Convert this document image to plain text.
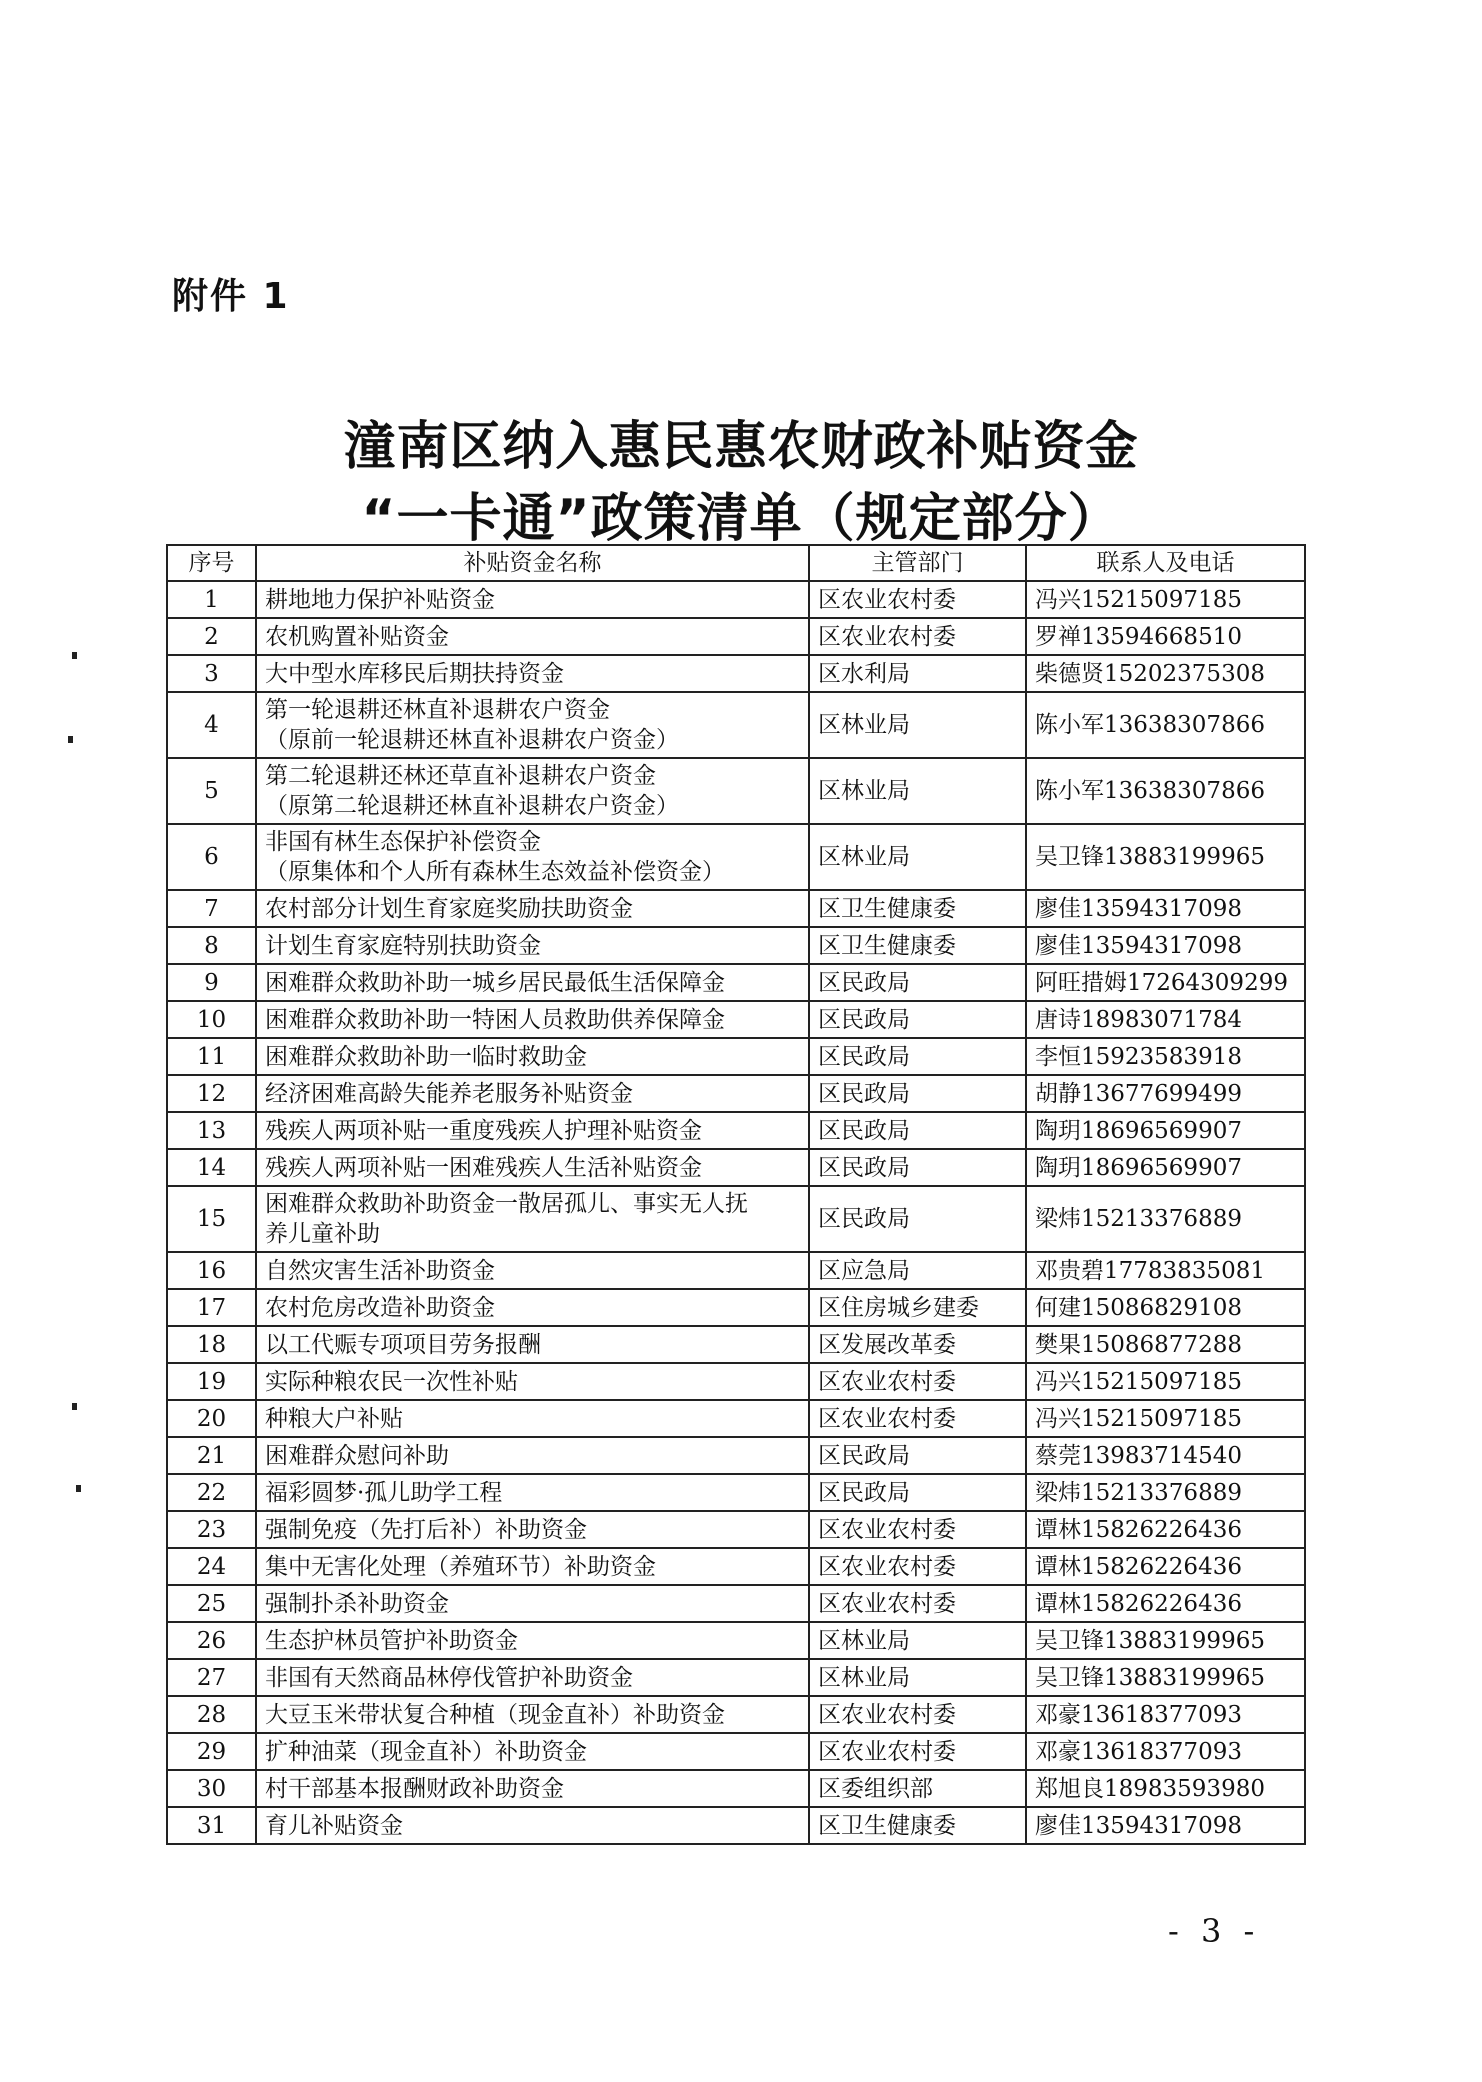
附件 1
潼南区纳入惠民惠农财政补贴资金
“一卡通”政策清单（规定部分）
序号	补贴资金名称	主管部门	联系人及电话
1	耕地地力保护补贴资金	区农业农村委	冯兴15215097185
2	农机购置补贴资金	区农业农村委	罗禅13594668510
3	大中型水库移民后期扶持资金	区水利局	柴德贤15202375308
4	第一轮退耕还林直补退耕农户资金
（原前一轮退耕还林直补退耕农户资金）	区林业局	陈小军13638307866
5	第二轮退耕还林还草直补退耕农户资金
（原第二轮退耕还林直补退耕农户资金）	区林业局	陈小军13638307866
6	非国有林生态保护补偿资金
（原集体和个人所有森林生态效益补偿资金）	区林业局	吴卫锋13883199965
7	农村部分计划生育家庭奖励扶助资金	区卫生健康委	廖佳13594317098
8	计划生育家庭特别扶助资金	区卫生健康委	廖佳13594317098
9	困难群众救助补助一城乡居民最低生活保障金	区民政局	阿旺措姆17264309299
10	困难群众救助补助一特困人员救助供养保障金	区民政局	唐诗18983071784
11	困难群众救助补助一临时救助金	区民政局	李恒15923583918
12	经济困难高龄失能养老服务补贴资金	区民政局	胡静13677699499
13	残疾人两项补贴一重度残疾人护理补贴资金	区民政局	陶玥18696569907
14	残疾人两项补贴一困难残疾人生活补贴资金	区民政局	陶玥18696569907
15	困难群众救助补助资金一散居孤儿、事实无人抚
养儿童补助	区民政局	梁炜15213376889
16	自然灾害生活补助资金	区应急局	邓贵碧17783835081
17	农村危房改造补助资金	区住房城乡建委	何建15086829108
18	以工代赈专项项目劳务报酬	区发展改革委	樊果15086877288
19	实际种粮农民一次性补贴	区农业农村委	冯兴15215097185
20	种粮大户补贴	区农业农村委	冯兴15215097185
21	困难群众慰问补助	区民政局	蔡莞13983714540
22	福彩圆梦·孤儿助学工程	区民政局	梁炜15213376889
23	强制免疫（先打后补）补助资金	区农业农村委	谭林15826226436
24	集中无害化处理（养殖环节）补助资金	区农业农村委	谭林15826226436
25	强制扑杀补助资金	区农业农村委	谭林15826226436
26	生态护林员管护补助资金	区林业局	吴卫锋13883199965
27	非国有天然商品林停伐管护补助资金	区林业局	吴卫锋13883199965
28	大豆玉米带状复合种植（现金直补）补助资金	区农业农村委	邓豪13618377093
29	扩种油菜（现金直补）补助资金	区农业农村委	邓豪13618377093
30	村干部基本报酬财政补助资金	区委组织部	郑旭良18983593980
31	育儿补贴资金	区卫生健康委	廖佳13594317098
- 3 -
